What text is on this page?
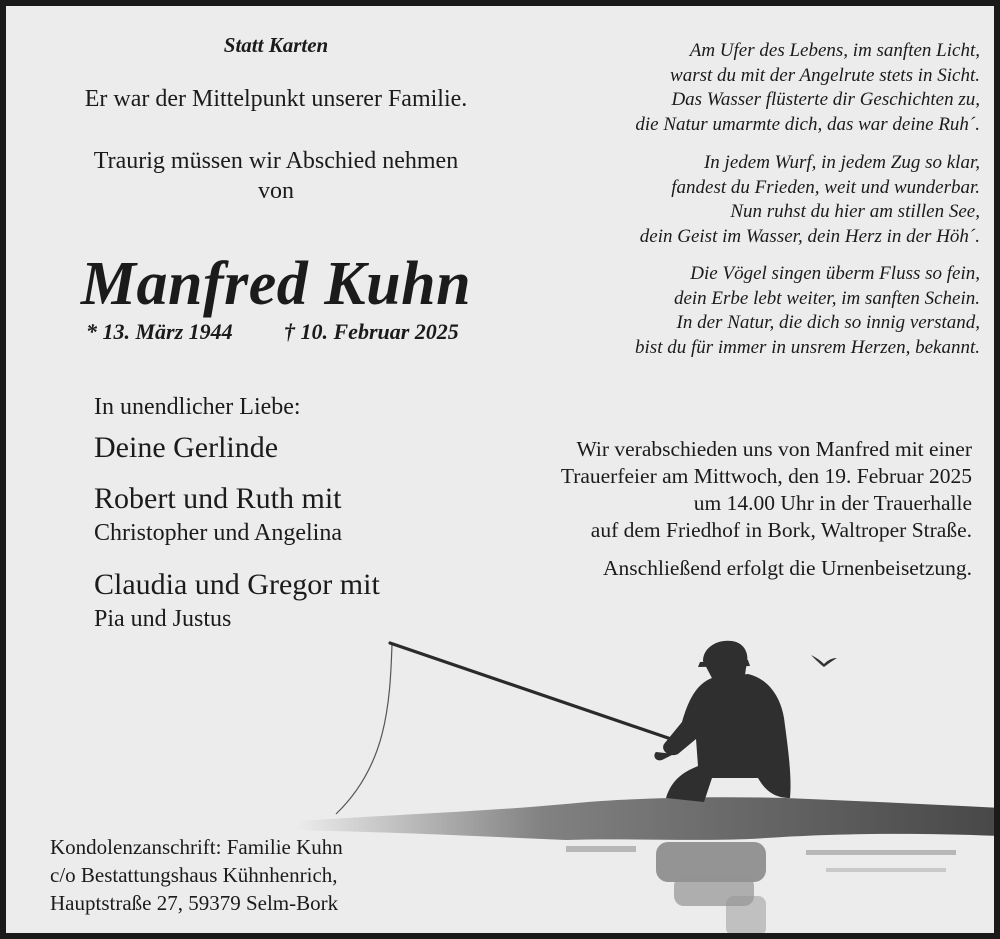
Statt Karten
Er war der Mittelpunkt unserer Familie.
Traurig müssen wir Abschied nehmen
von
Manfred Kuhn
* 13. März 1944 † 10. Februar 2025
In unendlicher Liebe:
Deine Gerlinde
Robert und Ruth mit
Christopher und Angelina
Claudia und Gregor mit
Pia und Justus
Am Ufer des Lebens, im sanften Licht,
warst du mit der Angelrute stets in Sicht.
Das Wasser flüsterte dir Geschichten zu,
die Natur umarmte dich, das war deine Ruh´.
In jedem Wurf, in jedem Zug so klar,
fandest du Frieden, weit und wunderbar.
Nun ruhst du hier am stillen See,
dein Geist im Wasser, dein Herz in der Höh´.
Die Vögel singen überm Fluss so fein,
dein Erbe lebt weiter, im sanften Schein.
In der Natur, die dich so innig verstand,
bist du für immer in unsrem Herzen, bekannt.
Wir verabschieden uns von Manfred mit einer
Trauerfeier am Mittwoch, den 19. Februar 2025
um 14.00 Uhr in der Trauerhalle
auf dem Friedhof in Bork, Waltroper Straße.
Anschließend erfolgt die Urnenbeisetzung.
Kondolenzanschrift: Familie Kuhn
c/o Bestattungshaus Kühnhenrich,
Hauptstraße 27, 59379 Selm-Bork
